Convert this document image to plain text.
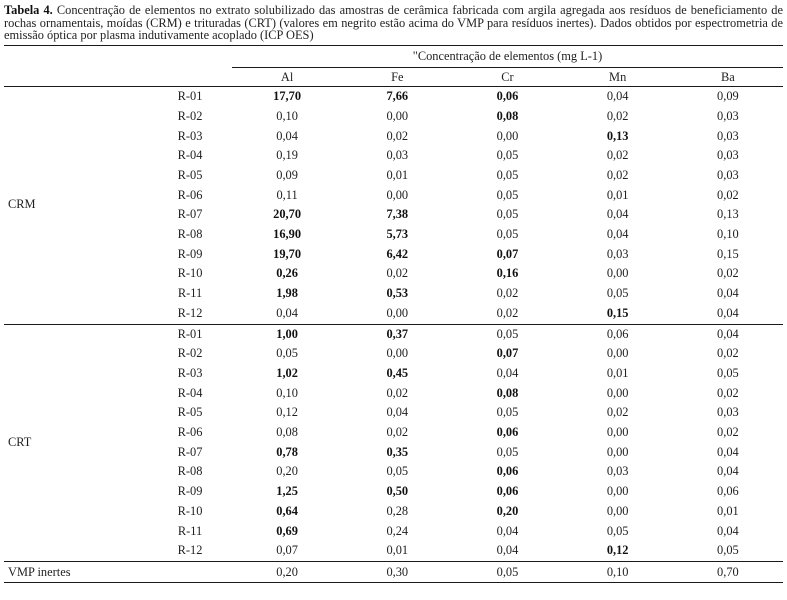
Tabela 4. Concentração de elementos no extrato solubilizado das amostras de cerâmica fabricada com argila agregada aos resíduos de beneficiamento de rochas ornamentais, moídas (CRM) e trituradas (CRT) (valores em negrito estão acima do VMP para resíduos inertes). Dados obtidos por espectrometria de emissão óptica por plasma indutivamente acoplado (ICP OES)

		"Concentração de elementos (mg L-1)				
		Al	Fe	Cr	Mn	Ba
CRM	R-01	17,70	7,66	0,06	0,04	0,09
	R-02	0,10	0,00	0,08	0,02	0,03
	R-03	0,04	0,02	0,00	0,13	0,03
	R-04	0,19	0,03	0,05	0,02	0,03
	R-05	0,09	0,01	0,05	0,02	0,03
	R-06	0,11	0,00	0,05	0,01	0,02
	R-07	20,70	7,38	0,05	0,04	0,13
	R-08	16,90	5,73	0,05	0,04	0,10
	R-09	19,70	6,42	0,07	0,03	0,15
	R-10	0,26	0,02	0,16	0,00	0,02
	R-11	1,98	0,53	0,02	0,05	0,04
	R-12	0,04	0,00	0,02	0,15	0,04
CRT	R-01	1,00	0,37	0,05	0,06	0,04
	R-02	0,05	0,00	0,07	0,00	0,02
	R-03	1,02	0,45	0,04	0,01	0,05
	R-04	0,10	0,02	0,08	0,00	0,02
	R-05	0,12	0,04	0,05	0,02	0,03
	R-06	0,08	0,02	0,06	0,00	0,02
	R-07	0,78	0,35	0,05	0,00	0,04
	R-08	0,20	0,05	0,06	0,03	0,04
	R-09	1,25	0,50	0,06	0,00	0,06
	R-10	0,64	0,28	0,20	0,00	0,01
	R-11	0,69	0,24	0,04	0,05	0,04
	R-12	0,07	0,01	0,04	0,12	0,05
VMP inertes		0,20	0,30	0,05	0,10	0,70
